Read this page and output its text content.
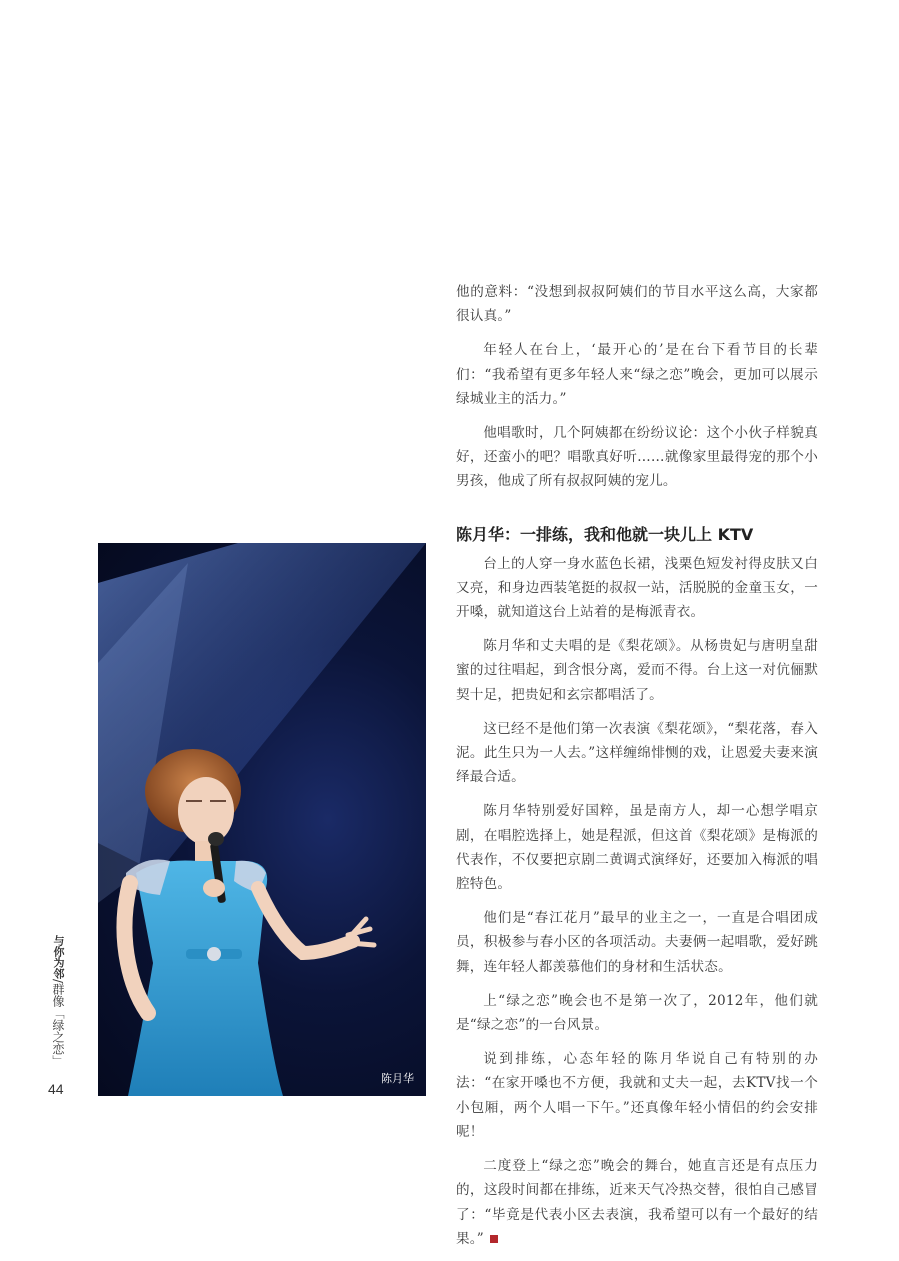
他的意料：“没想到叔叔阿姨们的节目水平这么高，大家都很认真。”

年轻人在台上，‘最开心的’是在台下看节目的长辈们：“我希望有更多年轻人来“绿之恋”晚会，更加可以展示绿城业主的活力。”

他唱歌时，几个阿姨都在纷纷议论：这个小伙子样貌真好，还蛮小的吧？唱歌真好听……就像家里最得宠的那个小男孩，他成了所有叔叔阿姨的宠儿。

陈月华：一排练，我和他就一块儿上 KTV

台上的人穿一身水蓝色长裙，浅栗色短发衬得皮肤又白又亮，和身边西装笔挺的叔叔一站，活脱脱的金童玉女，一开嗓，就知道这台上站着的是梅派青衣。

陈月华和丈夫唱的是《梨花颂》。从杨贵妃与唐明皇甜蜜的过往唱起，到含恨分离，爱而不得。台上这一对伉俪默契十足，把贵妃和玄宗都唱活了。

这已经不是他们第一次表演《梨花颂》，“梨花落，春入泥。此生只为一人去。”这样缠绵悱恻的戏，让恩爱夫妻来演绎最合适。

陈月华特别爱好国粹，虽是南方人，却一心想学唱京剧，在唱腔选择上，她是程派，但这首《梨花颂》是梅派的代表作，不仅要把京剧二黄调式演绎好，还要加入梅派的唱腔特色。

他们是“春江花月”最早的业主之一，一直是合唱团成员，积极参与春小区的各项活动。夫妻俩一起唱歌，爱好跳舞，连年轻人都羡慕他们的身材和生活状态。

上“绿之恋”晚会也不是第一次了，2012年，他们就是“绿之恋”的一台风景。

说到排练，心态年轻的陈月华说自己有特别的办法：“在家开嗓也不方便，我就和丈夫一起，去KTV找一个小包厢，两个人唱一下午。”还真像年轻小情侣的约会安排呢！

二度登上“绿之恋”晚会的舞台，她直言还是有点压力的，这段时间都在排练，近来天气冷热交替，很怕自己感冒了：“毕竟是代表小区去表演，我希望可以有一个最好的结果。”

陈月华
与你为邻/群像「绿之恋」
44
